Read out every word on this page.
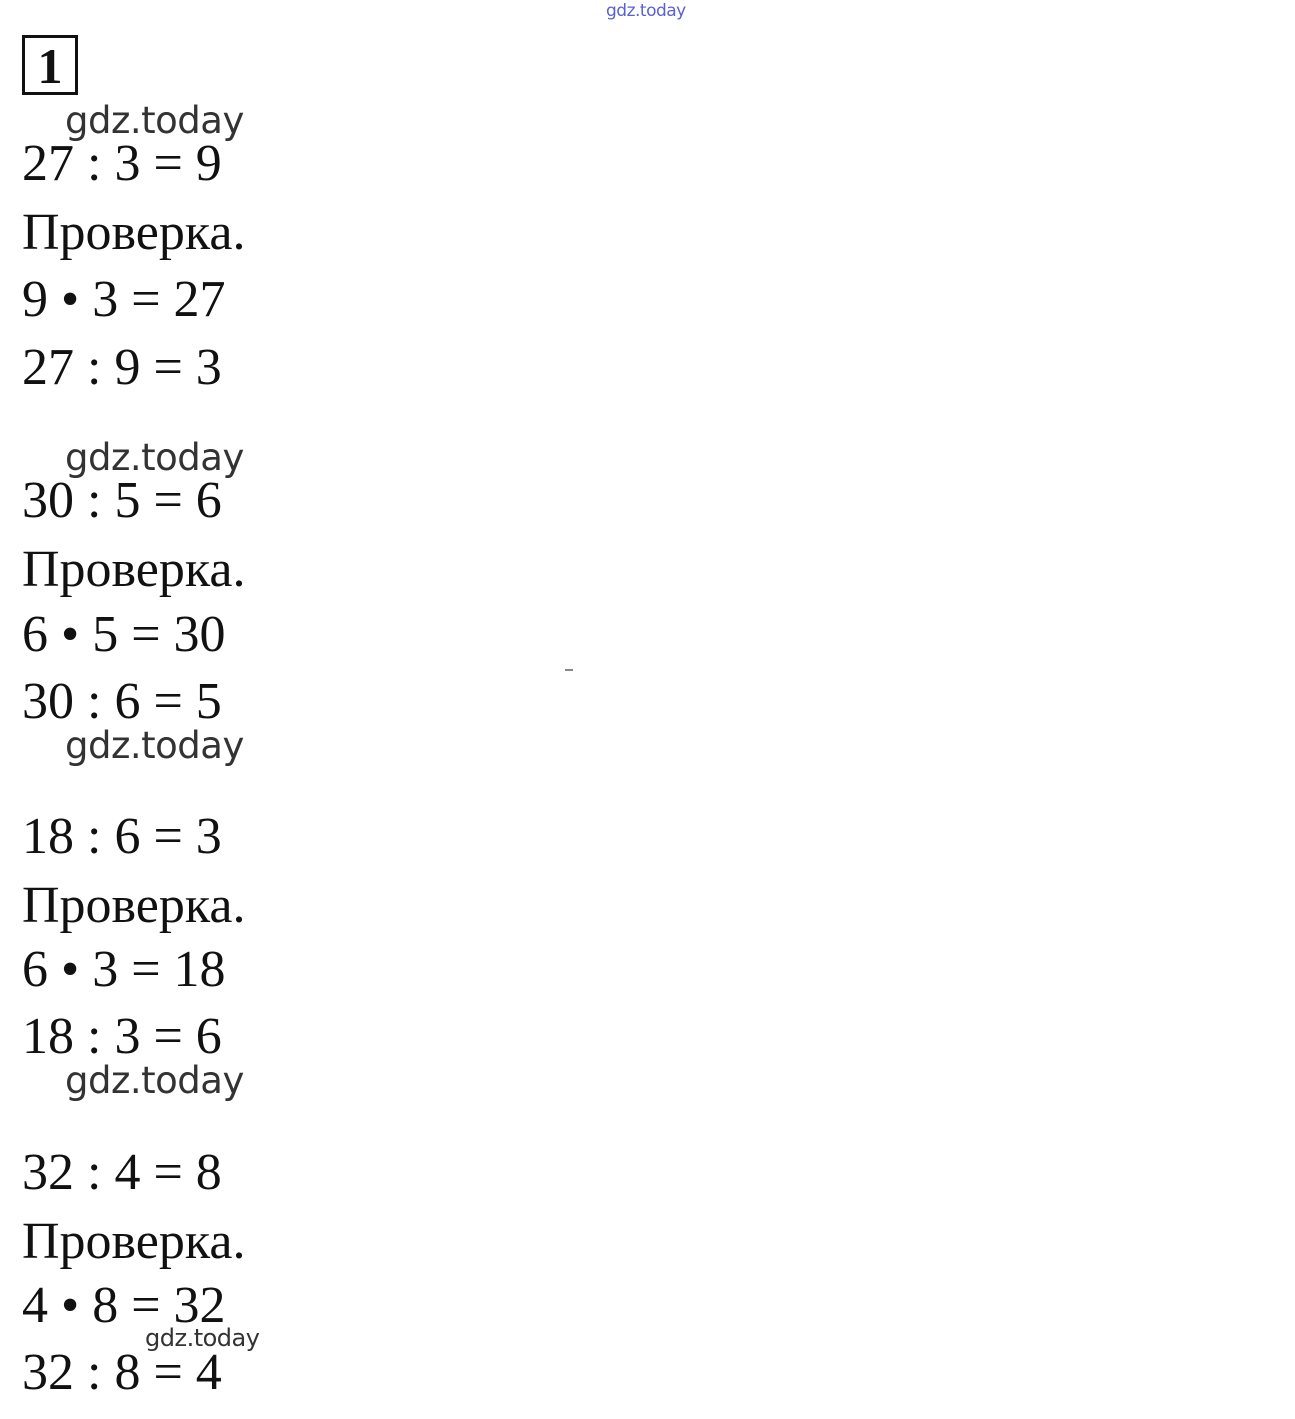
gdz.today
1
gdz.today
27 : 3 = 9
Проверка.
9 • 3 = 27
27 : 9 = 3
gdz.today
30 : 5 = 6
Проверка.
6 • 5 = 30
30 : 6 = 5
gdz.today
18 : 6 = 3
Проверка.
6 • 3 = 18
18 : 3 = 6
gdz.today
32 : 4 = 8
Проверка.
4 • 8 = 32
gdz.today
32 : 8 = 4
